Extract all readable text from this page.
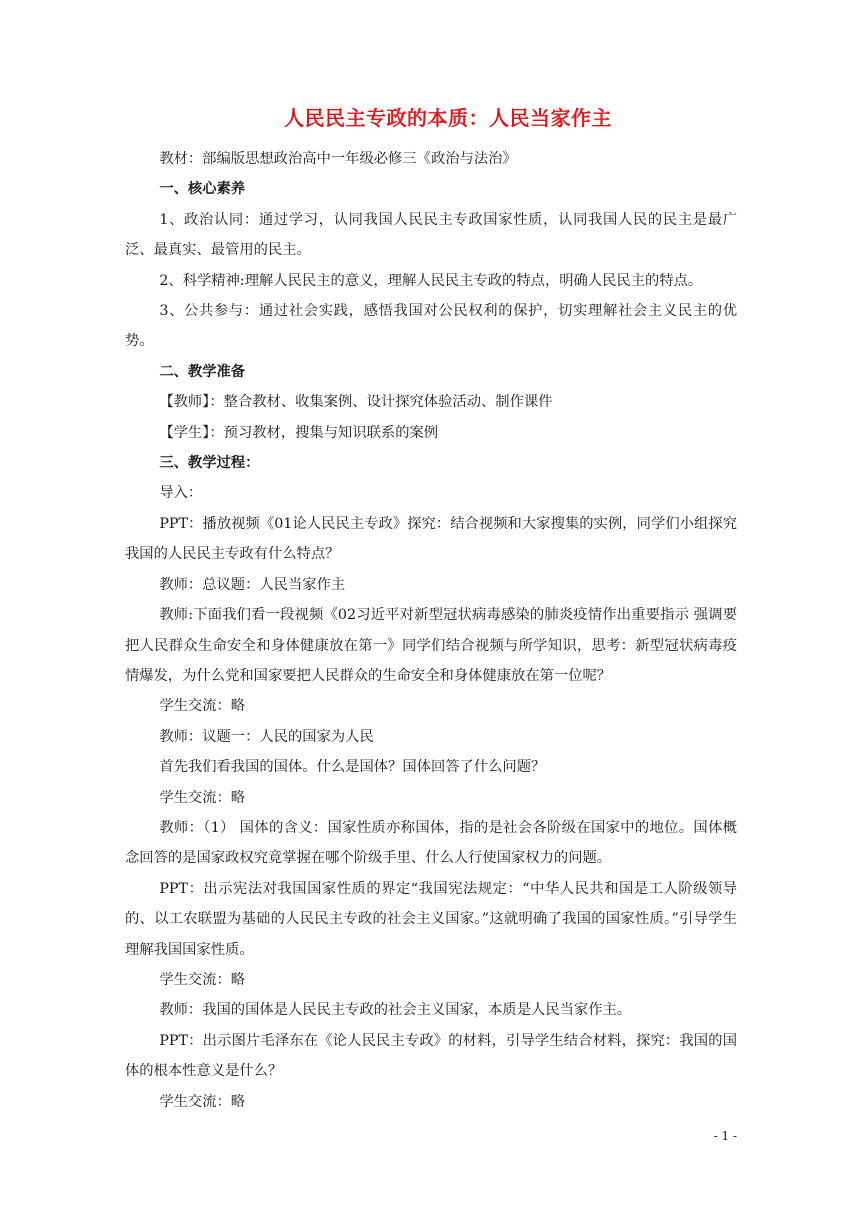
人民民主专政的本质：人民当家作主

教材：部编版思想政治高中一年级必修三《政治与法治》

一、核心素养

1、政治认同：通过学习，认同我国人民民主专政国家性质，认同我国人民的民主是最广泛、最真实、最管用的民主。

2、科学精神:理解人民民主的意义，理解人民民主专政的特点，明确人民民主的特点。

3、公共参与：通过社会实践，感悟我国对公民权利的保护，切实理解社会主义民主的优势。

二、教学准备

【教师】：整合教材、收集案例、设计探究体验活动、制作课件

【学生】：预习教材，搜集与知识联系的案例

三、教学过程：

导入：

PPT：播放视频《01论人民民主专政》探究：结合视频和大家搜集的实例，同学们小组探究我国的人民民主专政有什么特点？

教师：总议题：人民当家作主

教师:下面我们看一段视频《02习近平对新型冠状病毒感染的肺炎疫情作出重要指示 强调要把人民群众生命安全和身体健康放在第一》同学们结合视频与所学知识，思考：新型冠状病毒疫情爆发，为什么党和国家要把人民群众的生命安全和身体健康放在第一位呢？

学生交流：略

教师：议题一：人民的国家为人民

首先我们看我国的国体。什么是国体？国体回答了什么问题？

学生交流：略

教师：（1） 国体的含义：国家性质亦称国体，指的是社会各阶级在国家中的地位。国体概念回答的是国家政权究竟掌握在哪个阶级手里、什么人行使国家权力的问题。

PPT：出示宪法对我国国家性质的界定“我国宪法规定：“中华人民共和国是工人阶级领导的、以工农联盟为基础的人民民主专政的社会主义国家。”这就明确了我国的国家性质。”引导学生理解我国国家性质。

学生交流：略

教师：我国的国体是人民民主专政的社会主义国家，本质是人民当家作主。

PPT：出示图片毛泽东在《论人民民主专政》的材料，引导学生结合材料，探究：我国的国体的根本性意义是什么？

学生交流：略

- 1 -
